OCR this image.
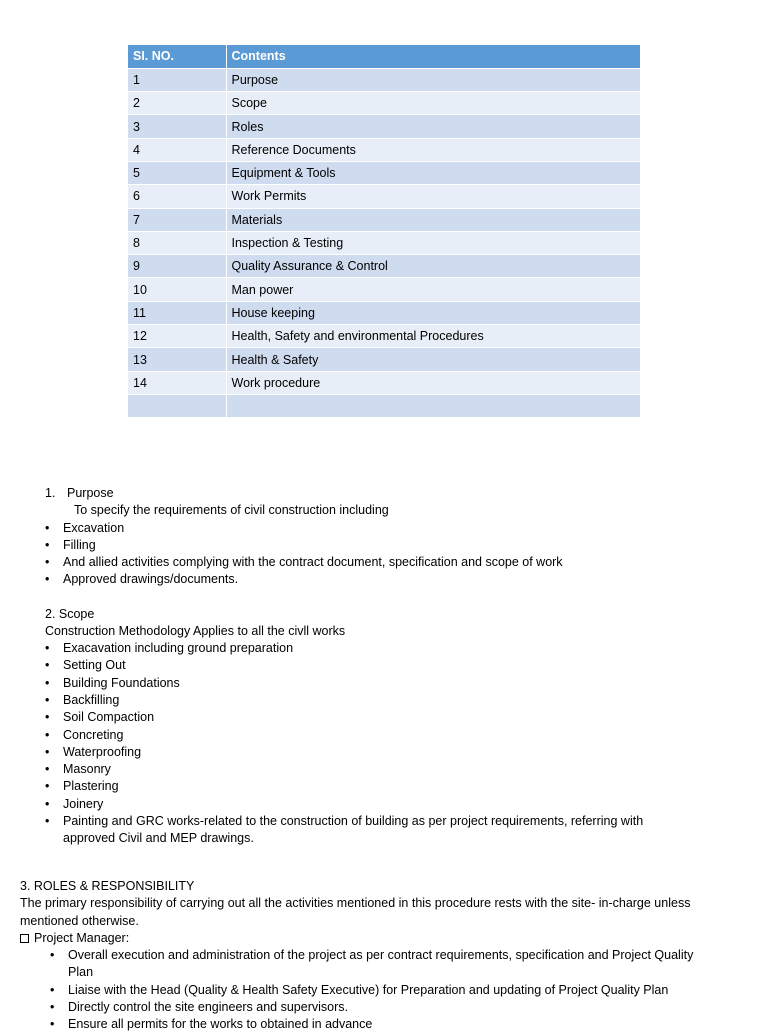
SI. NO.	Contents
1	Purpose
2	Scope
3	Roles
4	Reference Documents
5	Equipment & Tools
6	Work Permits
7	Materials
8	Inspection & Testing
9	Quality Assurance & Control
10	Man power
11	House keeping
12	Health, Safety and environmental Procedures
13	Health & Safety
14	Work procedure

1. Purpose
To specify the requirements of civil construction including
• Excavation
• Filling
• And allied activities complying with the contract document, specification and scope of work
• Approved drawings/documents.
2. Scope
Construction Methodology Applies to all the civll works
• Exacavation including ground preparation
• Setting Out
• Building Foundations
• Backfilling
• Soil Compaction
• Concreting
• Waterproofing
• Masonry
• Plastering
• Joinery
• Painting and GRC works-related to the construction of building as per project requirements, referring with
approved Civil and MEP drawings.
3. ROLES & RESPONSIBILITY
The primary responsibility of carrying out all the activities mentioned in this procedure rests with the site- in-charge unless
mentioned otherwise.
Project Manager:
• Overall execution and administration of the project as per contract requirements, specification and Project Quality
Plan
• Liaise with the Head (Quality & Health Safety Executive) for Preparation and updating of Project Quality Plan
• Directly control the site engineers and supervisors.
• Ensure all permits for the works to obtained in advance
